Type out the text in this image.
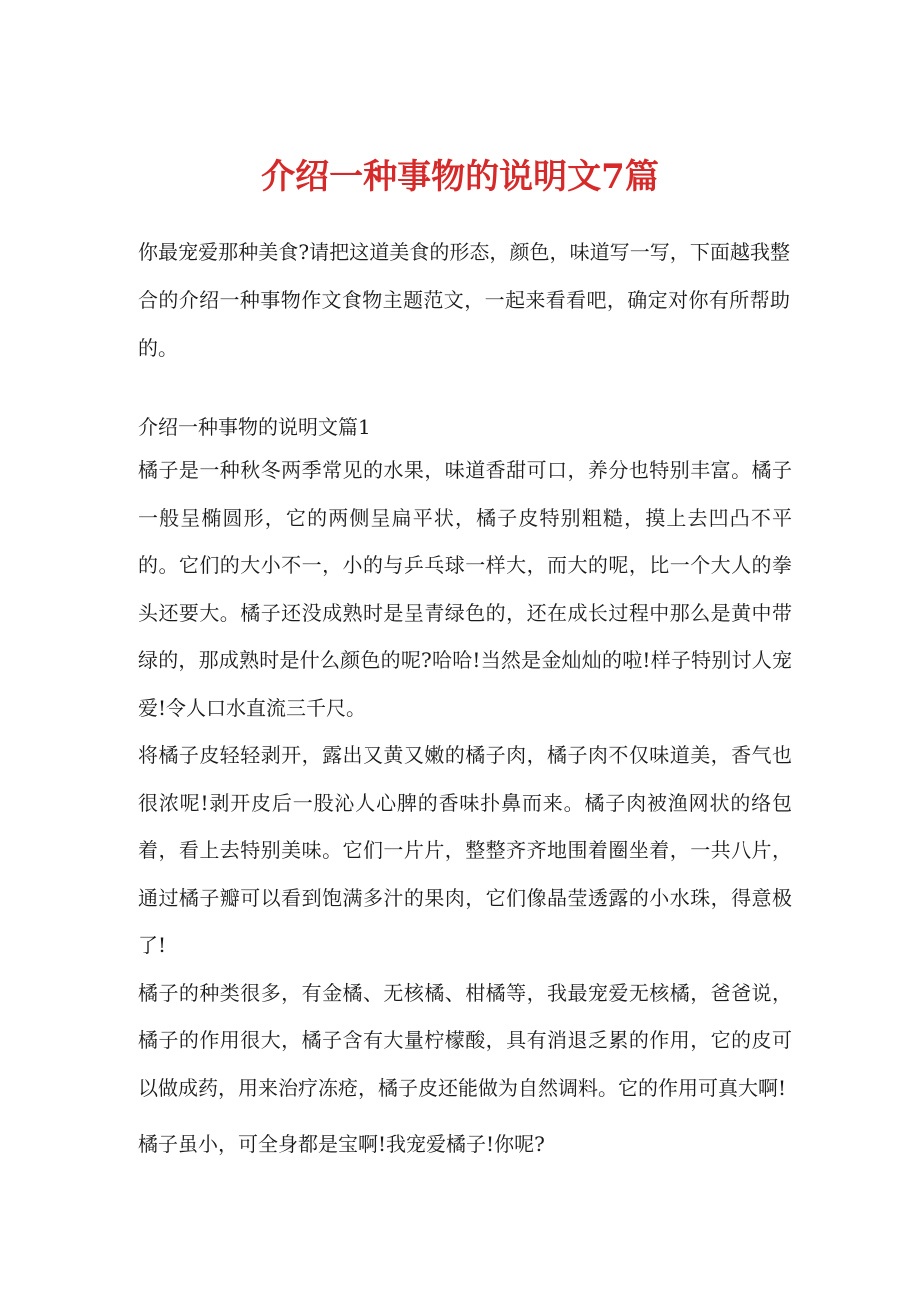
介绍一种事物的说明文7篇

你最宠爱那种美食?请把这道美食的形态，颜色，味道写一写，下面越我整合的介绍一种事物作文食物主题范文，一起来看看吧，确定对你有所帮助的。

介绍一种事物的说明文篇1

橘子是一种秋冬两季常见的水果，味道香甜可口，养分也特别丰富。橘子一般呈椭圆形，它的两侧呈扁平状，橘子皮特别粗糙，摸上去凹凸不平的。它们的大小不一，小的与乒乓球一样大，而大的呢，比一个大人的拳头还要大。橘子还没成熟时是呈青绿色的，还在成长过程中那么是黄中带绿的，那成熟时是什么颜色的呢?哈哈!当然是金灿灿的啦!样子特别讨人宠爱!令人口水直流三千尺。

将橘子皮轻轻剥开，露出又黄又嫩的橘子肉，橘子肉不仅味道美，香气也很浓呢!剥开皮后一股沁人心脾的香味扑鼻而来。橘子肉被渔网状的络包着，看上去特别美味。它们一片片，整整齐齐地围着圈坐着，一共八片，通过橘子瓣可以看到饱满多汁的果肉，它们像晶莹透露的小水珠，得意极了!

橘子的种类很多，有金橘、无核橘、柑橘等，我最宠爱无核橘，爸爸说，橘子的作用很大，橘子含有大量柠檬酸，具有消退乏累的作用，它的皮可以做成药，用来治疗冻疮，橘子皮还能做为自然调料。它的作用可真大啊!

橘子虽小，可全身都是宝啊!我宠爱橘子!你呢?
